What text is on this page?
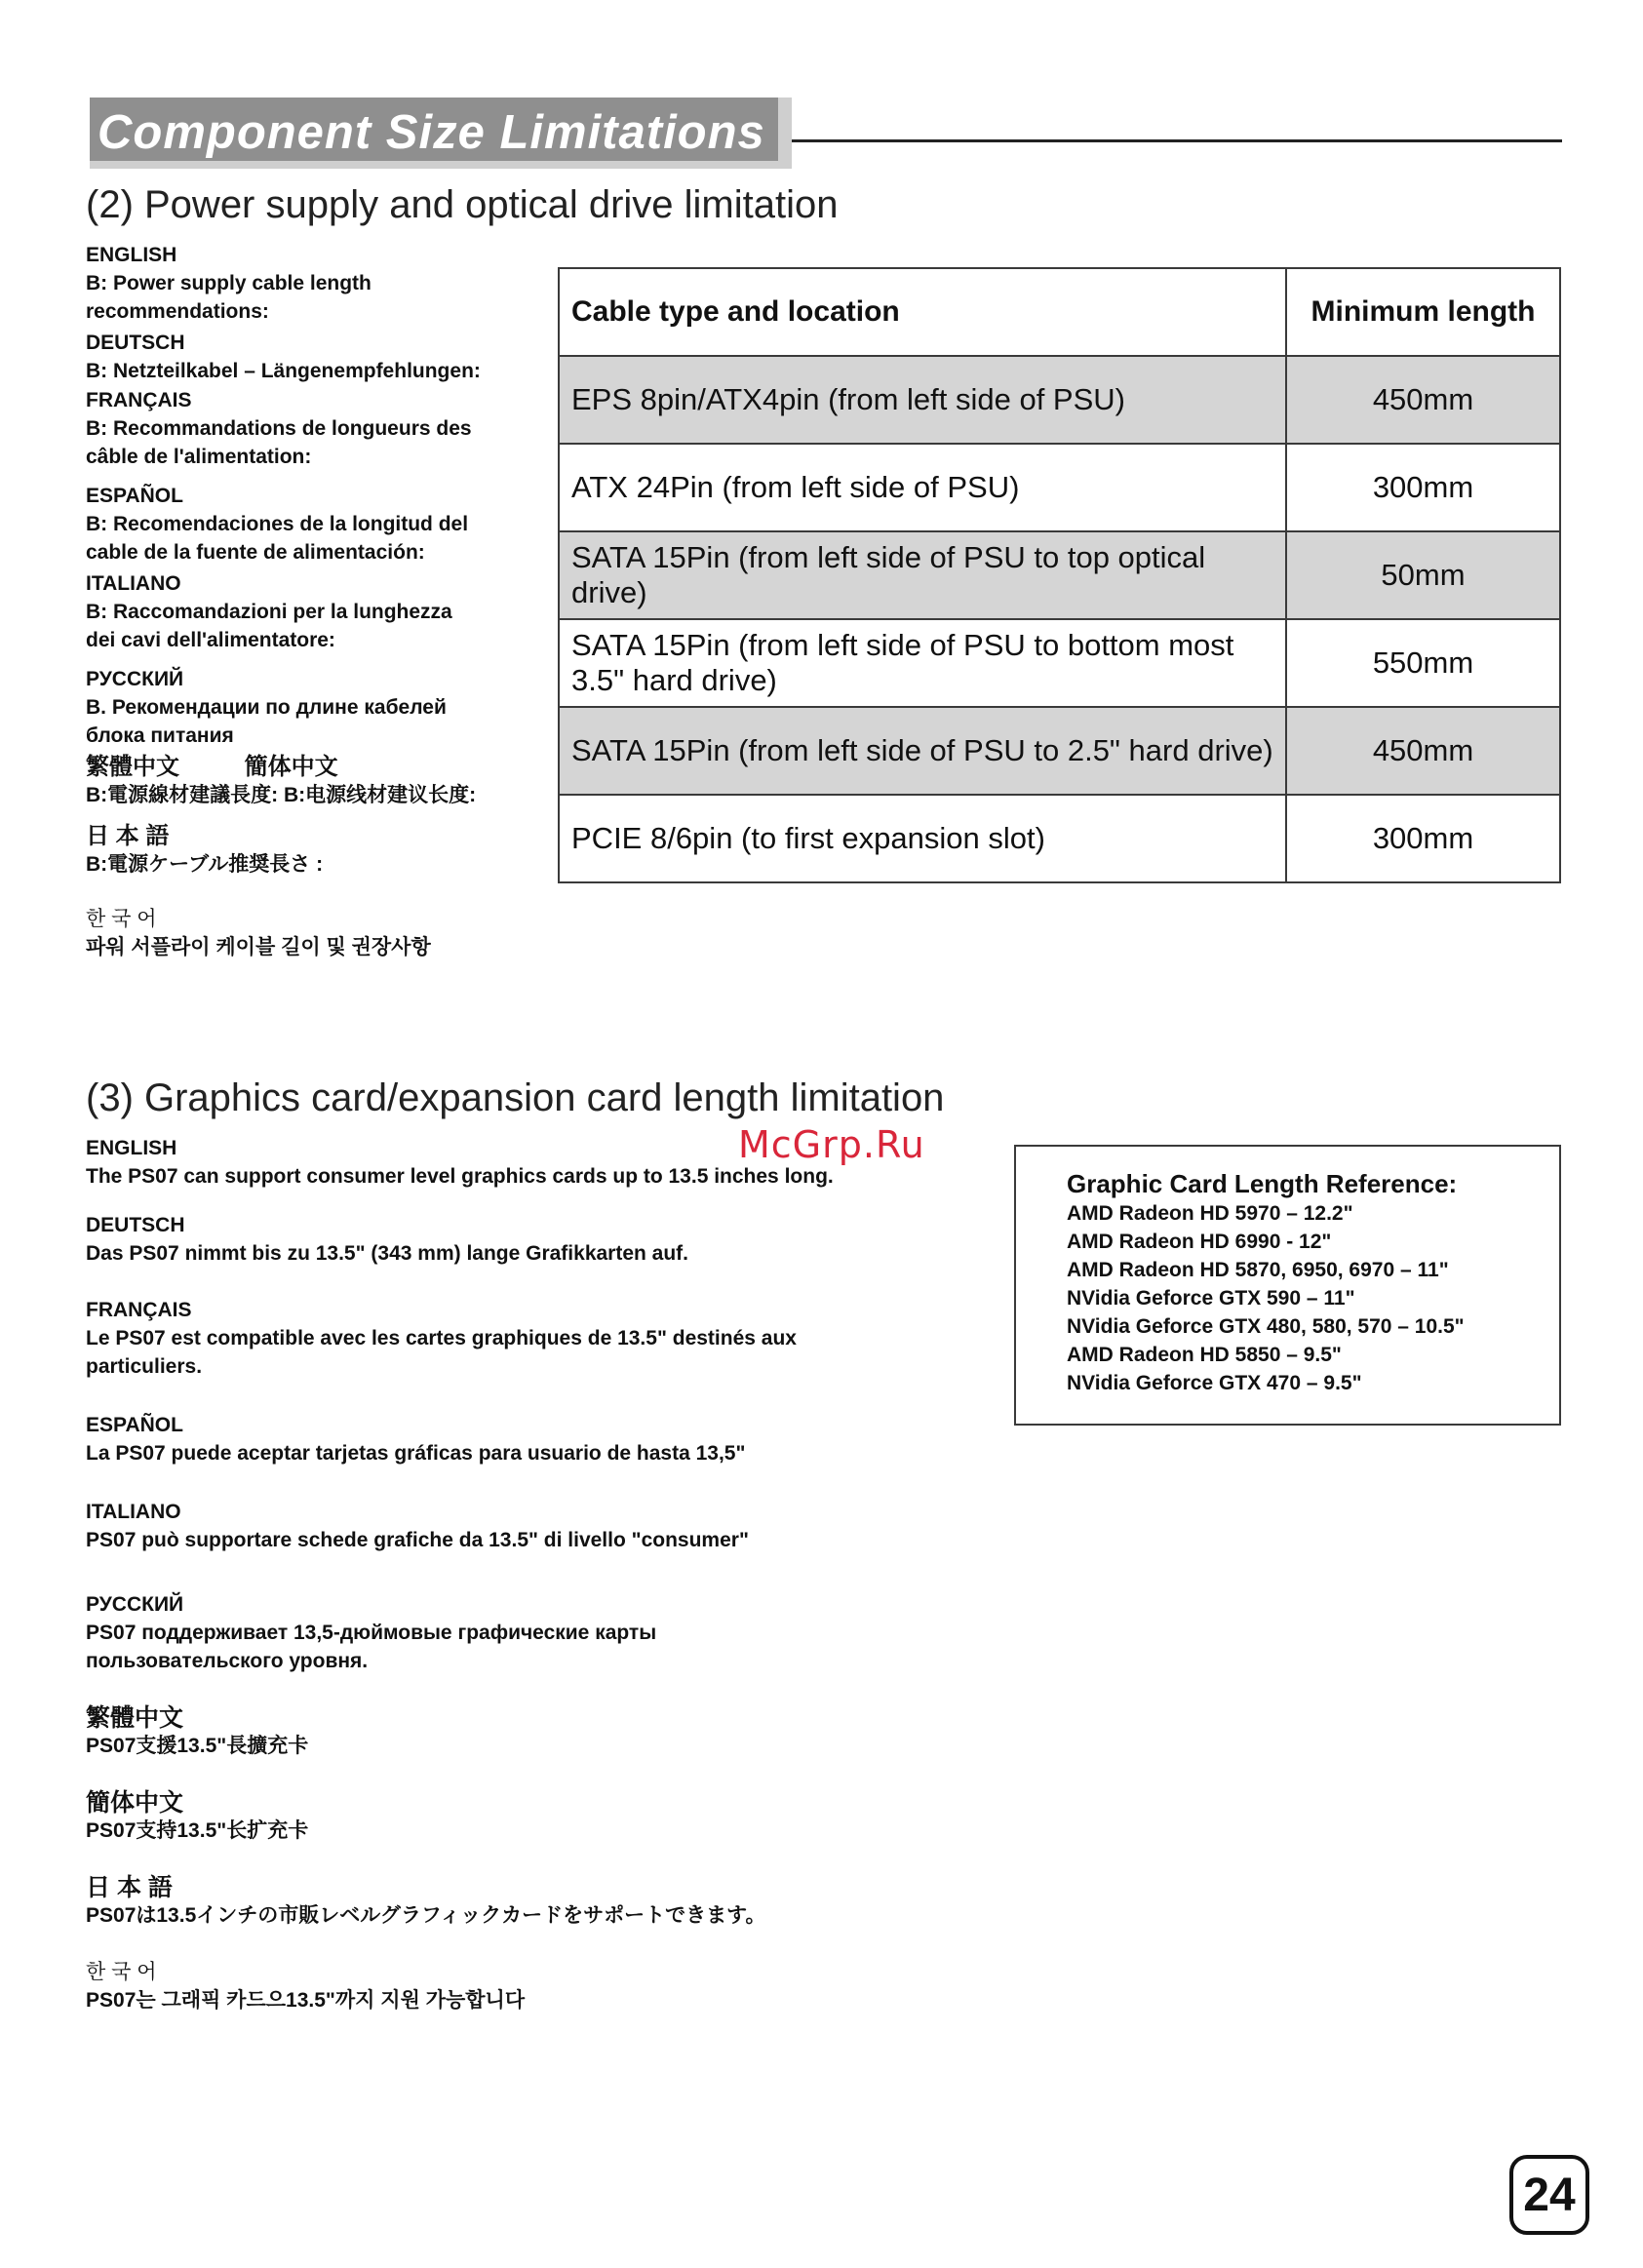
Component Size Limitations
(2) Power supply and optical drive limitation
ENGLISH
B: Power supply cable length
recommendations:
DEUTSCH
B: Netzteilkabel – Längenempfehlungen:
FRANÇAIS
B: Recommandations de longueurs des
câble de l'alimentation:
ESPAÑOL
B: Recomendaciones de la longitud del
cable de la fuente de alimentación:
ITALIANO
B: Raccomandazioni per la lunghezza
dei cavi dell'alimentatore:
РУССКИЙ
B. Рекомендации по длине кабелей
блока питания
繁體中文          簡体中文
B:電源線材建議長度: B:电源线材建议长度:
日 本 語
B:電源ケーブル推奨長さ :
한 국 어
파워 서플라이 케이블 길이 및 권장사항
Cable type and location	Minimum length
EPS 8pin/ATX4pin (from left side of PSU)	450mm
ATX 24Pin (from left side of PSU)	300mm
SATA 15Pin (from left side of PSU to top optical drive)	50mm
SATA 15Pin (from left side of PSU to bottom most 3.5" hard drive)	550mm
SATA 15Pin (from left side of PSU to 2.5" hard drive)	450mm
PCIE 8/6pin (to first expansion slot)	300mm
(3) Graphics card/expansion card length limitation
McGrp.Ru
ENGLISH
The PS07 can support consumer level graphics cards up to 13.5 inches long.
DEUTSCH
Das PS07 nimmt bis zu 13.5" (343 mm) lange Grafikkarten auf.
FRANÇAIS
Le PS07 est compatible avec les cartes graphiques de 13.5" destinés aux
particuliers.
ESPAÑOL
La PS07 puede aceptar tarjetas gráficas para usuario de hasta 13,5"
ITALIANO
PS07 può supportare schede grafiche da 13.5" di livello "consumer"
РУССКИЙ
PS07 поддерживает 13,5-дюймовые графические карты
пользовательского уровня.
繁體中文
PS07支援13.5"長擴充卡
簡体中文
PS07支持13.5"长扩充卡
日 本 語
PS07は13.5インチの市販レベルグラフィックカードをサポートできます。
한 국 어
PS07는 그래픽 카드으13.5"까지 지원 가능합니다
Graphic Card Length Reference:
AMD Radeon HD 5970 – 12.2"
AMD Radeon HD 6990 - 12"
AMD Radeon HD 5870, 6950, 6970 – 11"
NVidia Geforce GTX 590 – 11"
NVidia Geforce GTX 480, 580, 570 – 10.5"
AMD Radeon HD 5850 – 9.5"
NVidia Geforce GTX 470 – 9.5"
24
